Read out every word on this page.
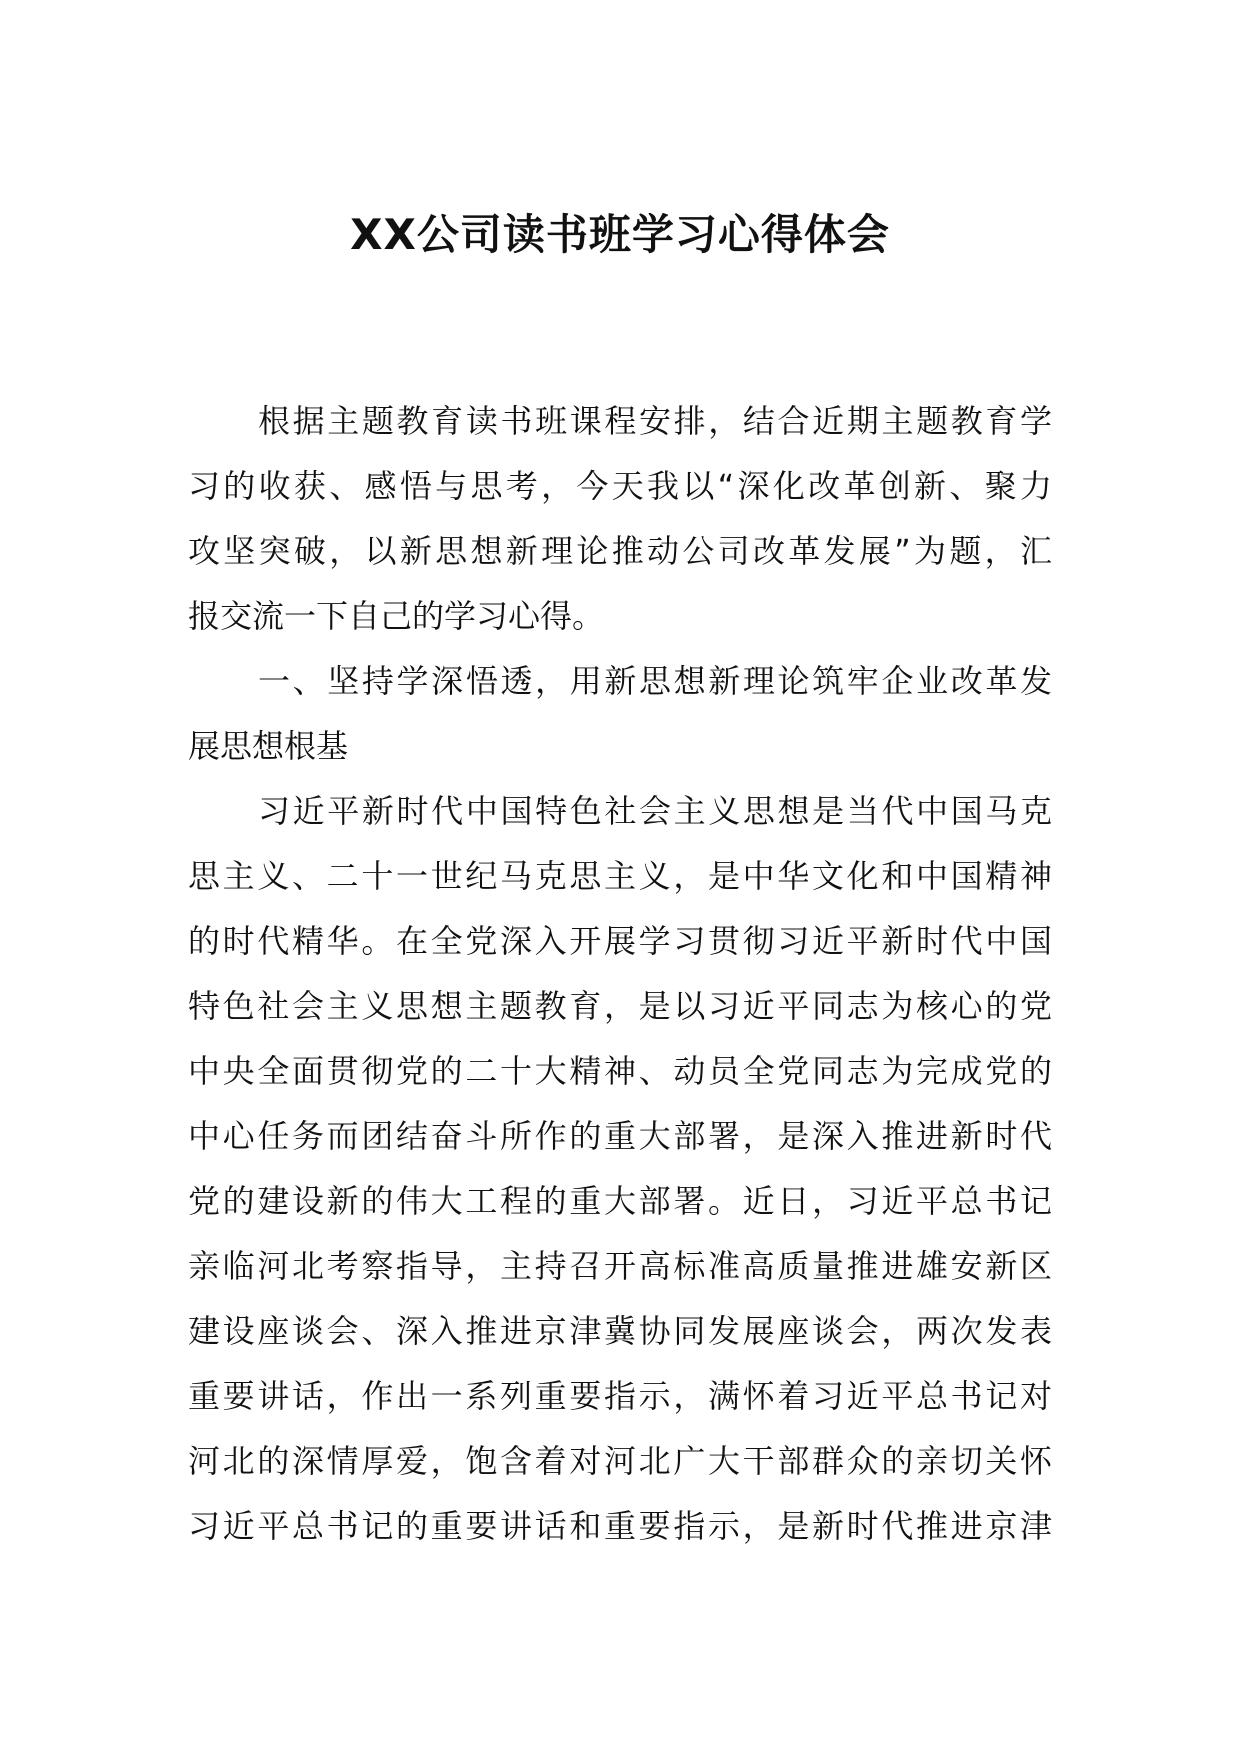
XX公司读书班学习心得体会
根据主题教育读书班课程安排，结合近期主题教育学
习的收获、感悟与思考，今天我以“深化改革创新、聚力
攻坚突破，以新思想新理论推动公司改革发展”为题，汇
报交流一下自己的学习心得。
一、坚持学深悟透，用新思想新理论筑牢企业改革发
展思想根基
习近平新时代中国特色社会主义思想是当代中国马克
思主义、二十一世纪马克思主义，是中华文化和中国精神
的时代精华。在全党深入开展学习贯彻习近平新时代中国
特色社会主义思想主题教育，是以习近平同志为核心的党
中央全面贯彻党的二十大精神、动员全党同志为完成党的
中心任务而团结奋斗所作的重大部署，是深入推进新时代
党的建设新的伟大工程的重大部署。近日，习近平总书记
亲临河北考察指导，主持召开高标准高质量推进雄安新区
建设座谈会、深入推进京津冀协同发展座谈会，两次发表
重要讲话，作出一系列重要指示，满怀着习近平总书记对
河北的深情厚爱，饱含着对河北广大干部群众的亲切关怀
习近平总书记的重要讲话和重要指示，是新时代推进京津
